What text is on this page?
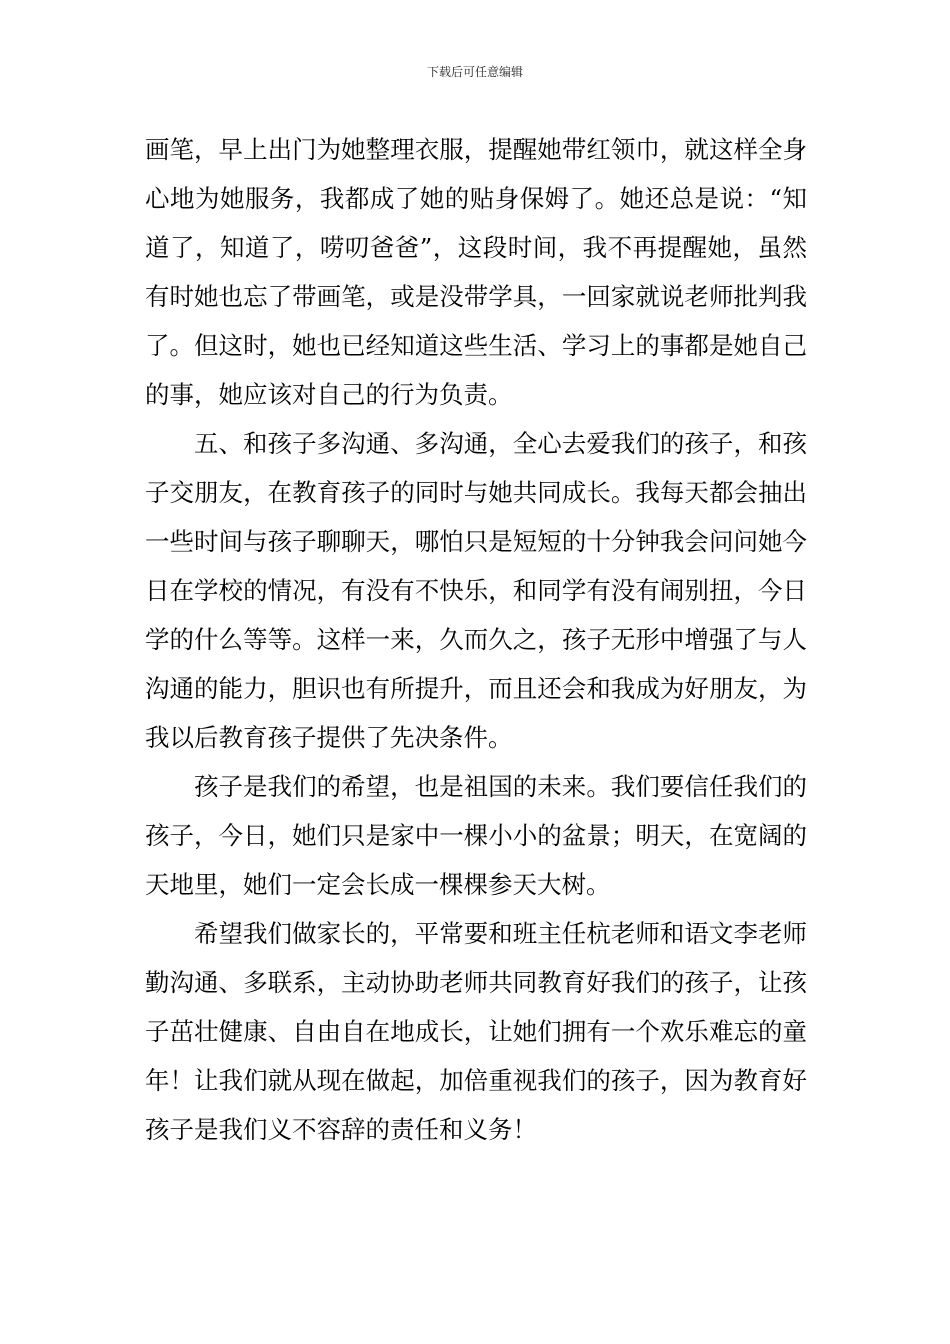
下载后可任意编辑

画笔，早上出门为她整理衣服，提醒她带红领巾，就这样全身心地为她服务，我都成了她的贴身保姆了。她还总是说：“知道了，知道了，唠叨爸爸”，这段时间，我不再提醒她，虽然有时她也忘了带画笔，或是没带学具，一回家就说老师批判我了。但这时，她也已经知道这些生活、学习上的事都是她自己的事，她应该对自己的行为负责。

五、和孩子多沟通、多沟通，全心去爱我们的孩子，和孩子交朋友，在教育孩子的同时与她共同成长。我每天都会抽出一些时间与孩子聊聊天，哪怕只是短短的十分钟我会问问她今日在学校的情况，有没有不快乐，和同学有没有闹别扭，今日学的什么等等。这样一来，久而久之，孩子无形中增强了与人沟通的能力，胆识也有所提升，而且还会和我成为好朋友，为我以后教育孩子提供了先决条件。

孩子是我们的希望，也是祖国的未来。我们要信任我们的孩子，今日，她们只是家中一棵小小的盆景；明天，在宽阔的天地里，她们一定会长成一棵棵参天大树。

希望我们做家长的，平常要和班主任杭老师和语文李老师勤沟通、多联系，主动协助老师共同教育好我们的孩子，让孩子茁壮健康、自由自在地成长，让她们拥有一个欢乐难忘的童年！让我们就从现在做起，加倍重视我们的孩子，因为教育好孩子是我们义不容辞的责任和义务！
